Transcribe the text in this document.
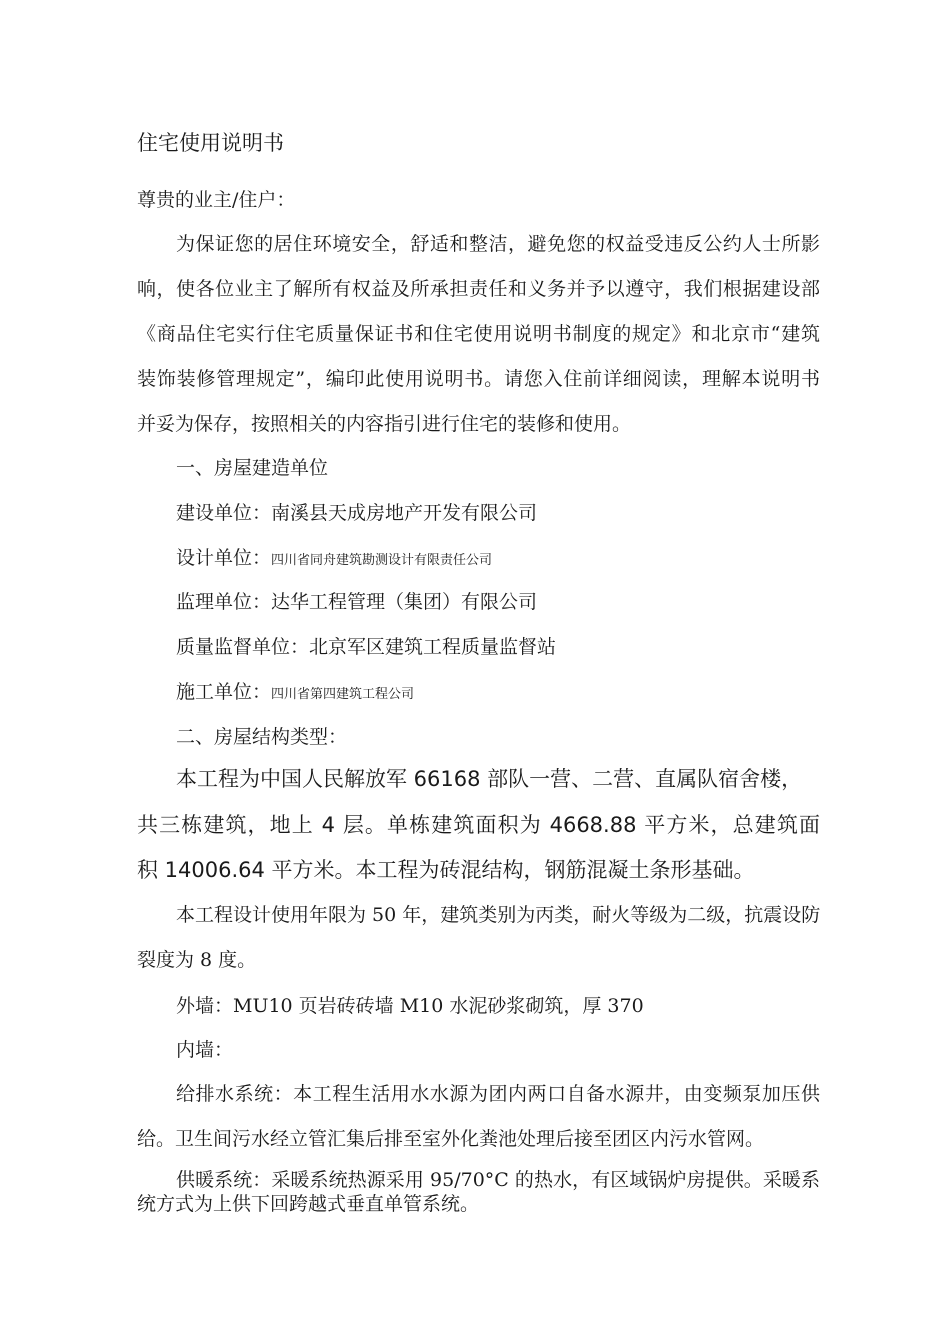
住宅使用说明书

尊贵的业主/住户：

为保证您的居住环境安全，舒适和整洁，避免您的权益受违反公约人士所影

响，使各位业主了解所有权益及所承担责任和义务并予以遵守，我们根据建设部

《商品住宅实行住宅质量保证书和住宅使用说明书制度的规定》和北京市“建筑

装饰装修管理规定”，编印此使用说明书。请您入住前详细阅读，理解本说明书

并妥为保存，按照相关的内容指引进行住宅的装修和使用。

一、房屋建造单位

建设单位：南溪县天成房地产开发有限公司

设计单位：四川省同舟建筑勘测设计有限责任公司

监理单位：达华工程管理（集团）有限公司

质量监督单位：北京军区建筑工程质量监督站

施工单位：四川省第四建筑工程公司

二、房屋结构类型：

本工程为中国人民解放军 66168 部队一营、二营、直属队宿舍楼，

共三栋建筑，地上 4 层。单栋建筑面积为 4668.88 平方米，总建筑面

积 14006.64 平方米。本工程为砖混结构，钢筋混凝土条形基础。

本工程设计使用年限为 50 年，建筑类别为丙类，耐火等级为二级，抗震设防

裂度为 8 度。

外墙：MU10 页岩砖砖墙 M10 水泥砂浆砌筑，厚 370

内墙：

给排水系统：本工程生活用水水源为团内两口自备水源井，由变频泵加压供

给。卫生间污水经立管汇集后排至室外化粪池处理后接至团区内污水管网。

供暖系统：采暖系统热源采用 95/70°C 的热水，有区域锅炉房提供。采暖系

统方式为上供下回跨越式垂直单管系统。
